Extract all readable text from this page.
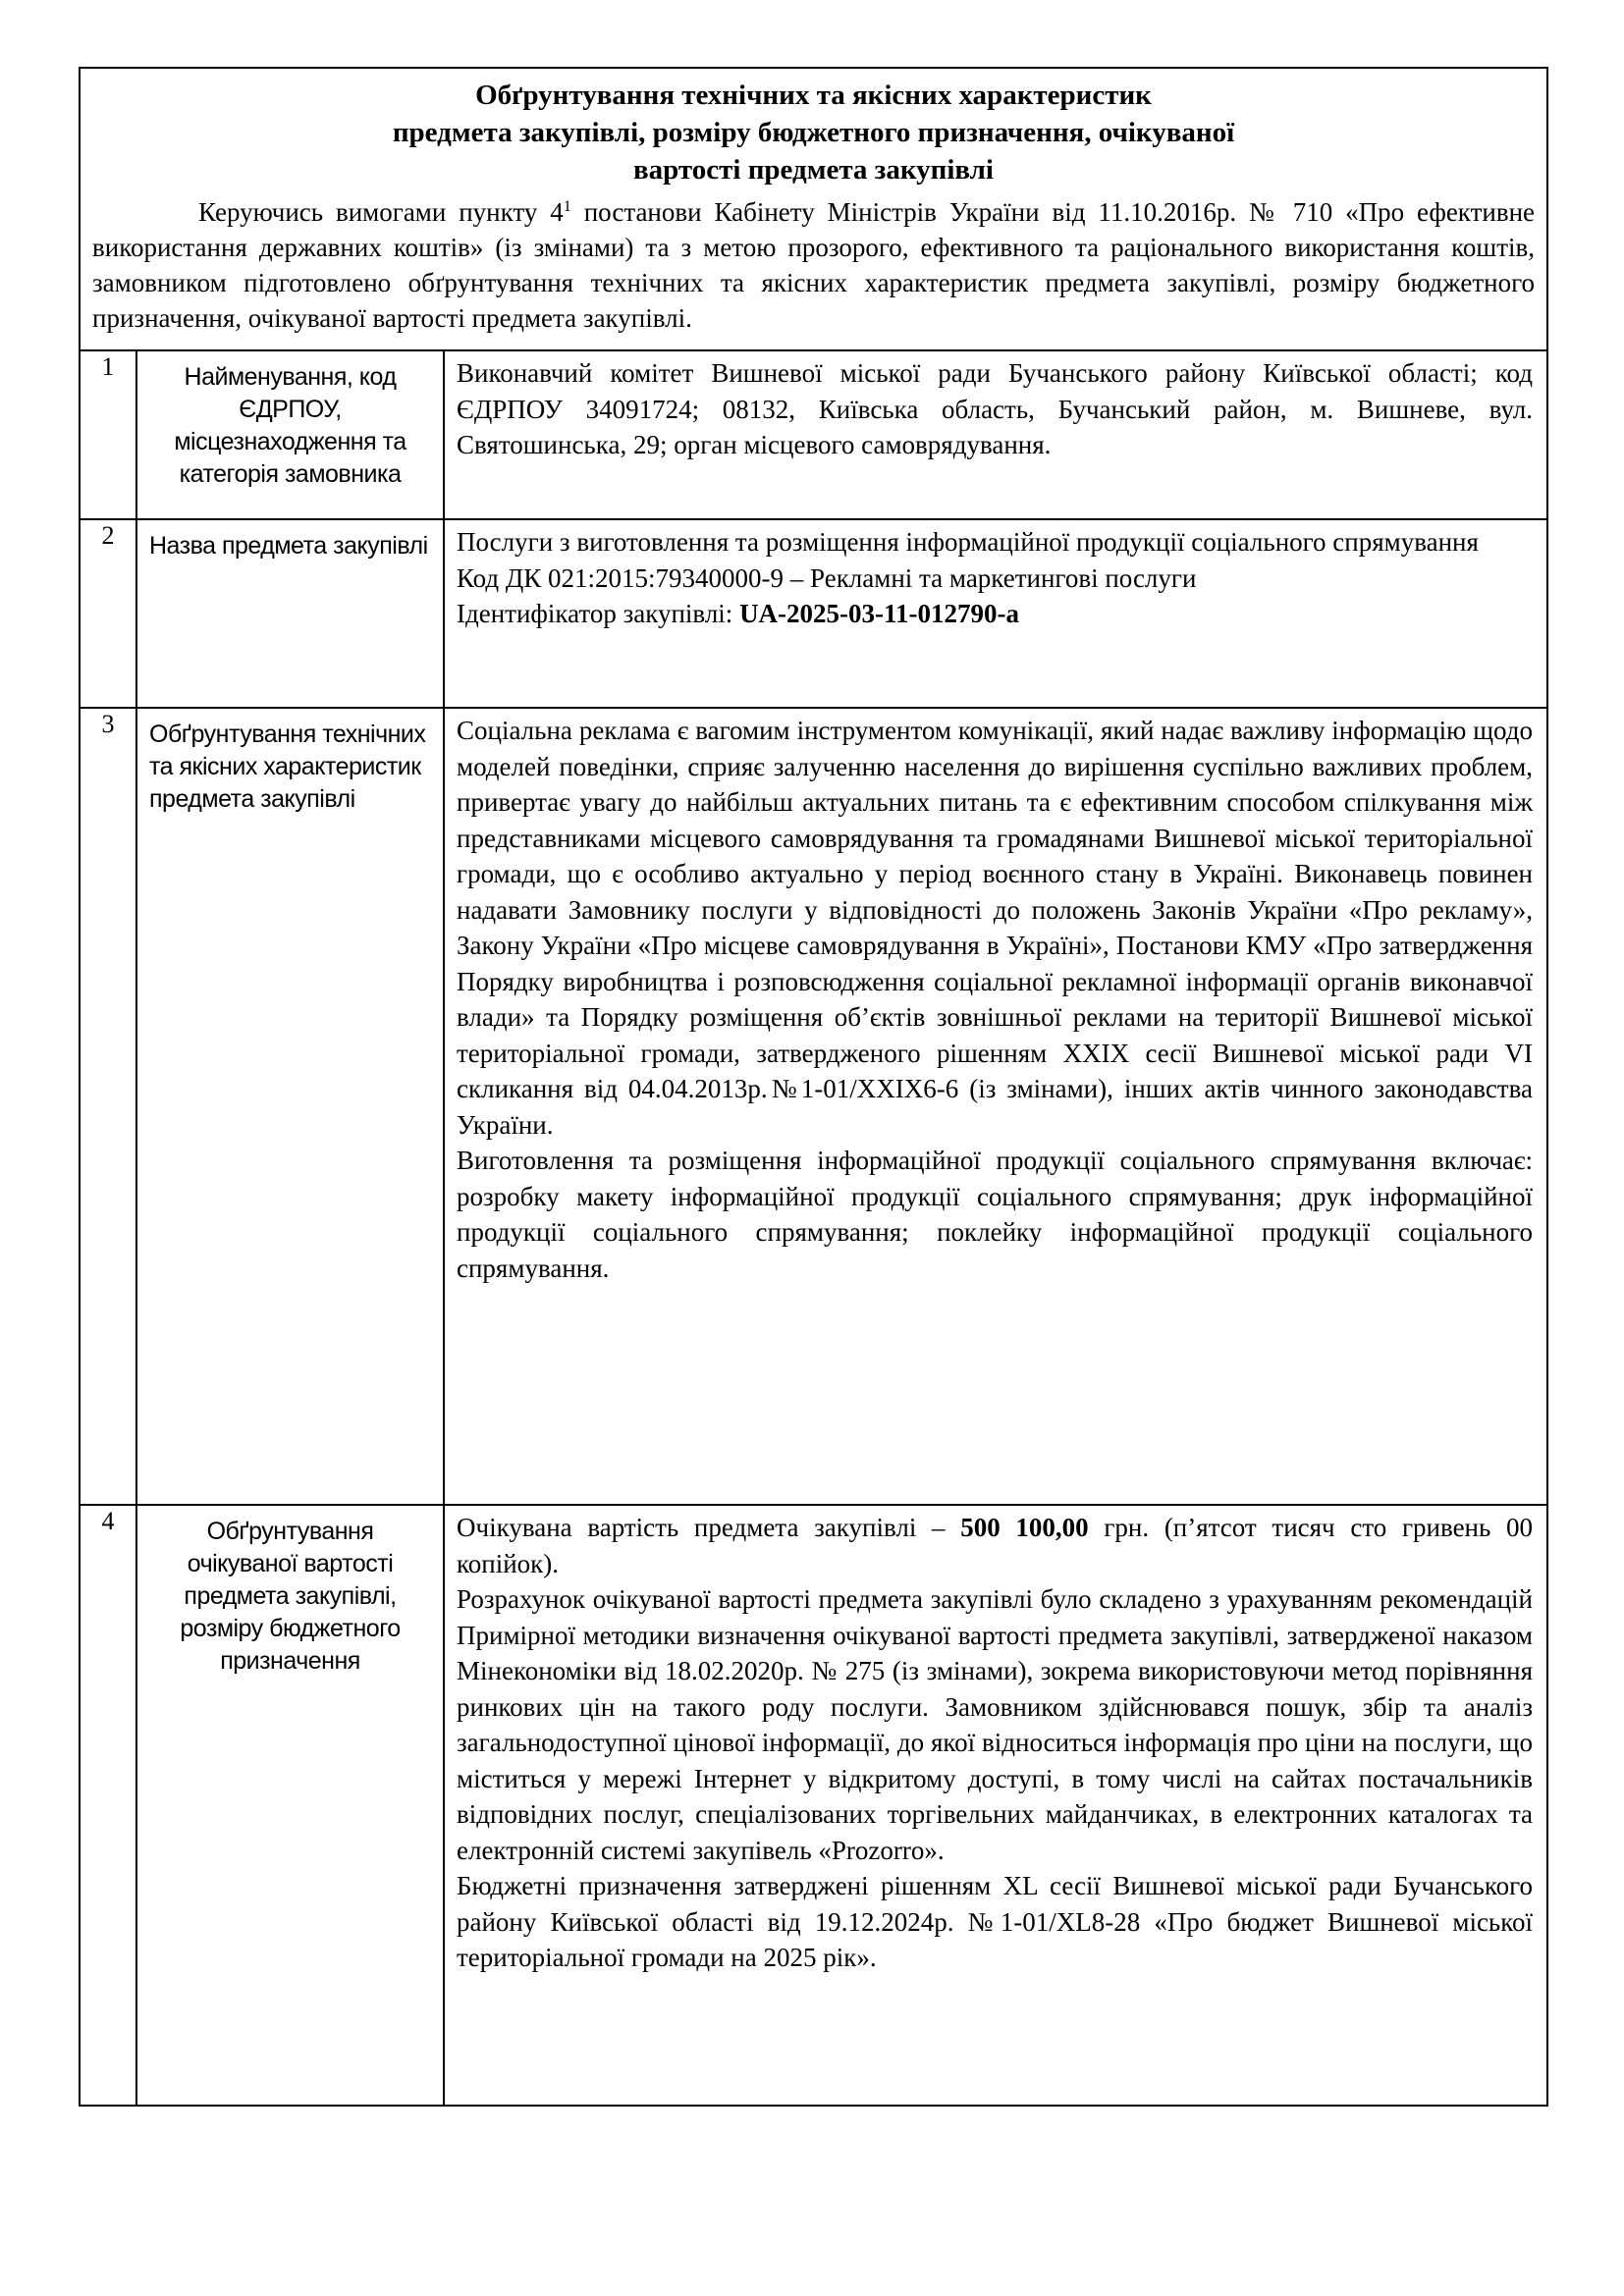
Обґрунтування технічних та якісних характеристик
предмета закупівлі, розміру бюджетного призначення, очікуваної
вартості предмета закупівлі
Керуючись вимогами пункту $4^1$ постанови Кабінету Міністрів України від 11.10.2016р. № 710 «Про ефективне використання державних коштів» (із змінами) та з метою прозорого, ефективного та раціонального використання коштів, замовником підготовлено обґрунтування технічних та якісних характеристик предмета закупівлі, розміру бюджетного призначення, очікуваної вартості предмета закупівлі.		

1	Найменування, код ЄДРПОУ, місцезнаходження та категорія замовника	Виконавчий комітет Вишневої міської ради Бучанського району Київської області; код ЄДРПОУ 34091724; 08132, Київська область, Бучанський район, м. Вишневе, вул. Святошинська, 29; орган місцевого самоврядування.

2	Назва предмета закупівлі	Послуги з виготовлення та розміщення інформаційної продукції соціального спрямування

Код ДК 021:2015:79340000-9 – Рекламні та маркетингові послуги

Ідентифікатор закупівлі: UA-2025-03-11-012790-a

3	Обґрунтування технічних та якісних характеристик предмета закупівлі	Соціальна реклама є вагомим інструментом комунікації, який надає важливу інформацію щодо моделей поведінки, сприяє залученню населення до вирішення суспільно важливих проблем, привертає увагу до найбільш актуальних питань та є ефективним способом спілкування між представниками місцевого самоврядування та громадянами Вишневої міської територіальної громади, що є особливо актуально у період воєнного стану в Україні. Виконавець повинен надавати Замовнику послуги у відповідності до положень Законів України «Про рекламу», Закону України «Про місцеве самоврядування в Україні», Постанови КМУ «Про затвердження Порядку виробництва і розповсюдження соціальної рекламної інформації органів виконавчої влади» та Порядку розміщення об’єктів зовнішньої реклами на території Вишневої міської територіальної громади, затвердженого рішенням XXIX сесії Вишневої міської ради VI скликання від 04.04.2013р.№1-01/XXIX6-6 (із змінами), інших актів чинного законодавства України.

Виготовлення та розміщення інформаційної продукції соціального спрямування включає: розробку макету інформаційної продукції соціального спрямування; друк інформаційної продукції соціального спрямування; поклейку інформаційної продукції соціального спрямування.

4	Обґрунтування очікуваної вартості предмета закупівлі, розміру бюджетного призначення	Очікувана вартість предмета закупівлі – 500 100,00 грн. (п’ятсот тисяч сто гривень 00 копійок).

Розрахунок очікуваної вартості предмета закупівлі було складено з урахуванням рекомендацій Примірної методики визначення очікуваної вартості предмета закупівлі, затвердженої наказом Мінекономіки від 18.02.2020р. № 275 (із змінами), зокрема використовуючи метод порівняння ринкових цін на такого роду послуги. Замовником здійснювався пошук, збір та аналіз загальнодоступної цінової інформації, до якої відноситься інформація про ціни на послуги, що міститься у мережі Інтернет у відкритому доступі, в тому числі на сайтах постачальників відповідних послуг, спеціалізованих торгівельних майданчиках, в електронних каталогах та електронній системі закупівель «Prozorro».

Бюджетні призначення затверджені рішенням XL сесії Вишневої міської ради Бучанського району Київської області від 19.12.2024р. №1-01/XL8-28 «Про бюджет Вишневої міської територіальної громади на 2025 рік».
